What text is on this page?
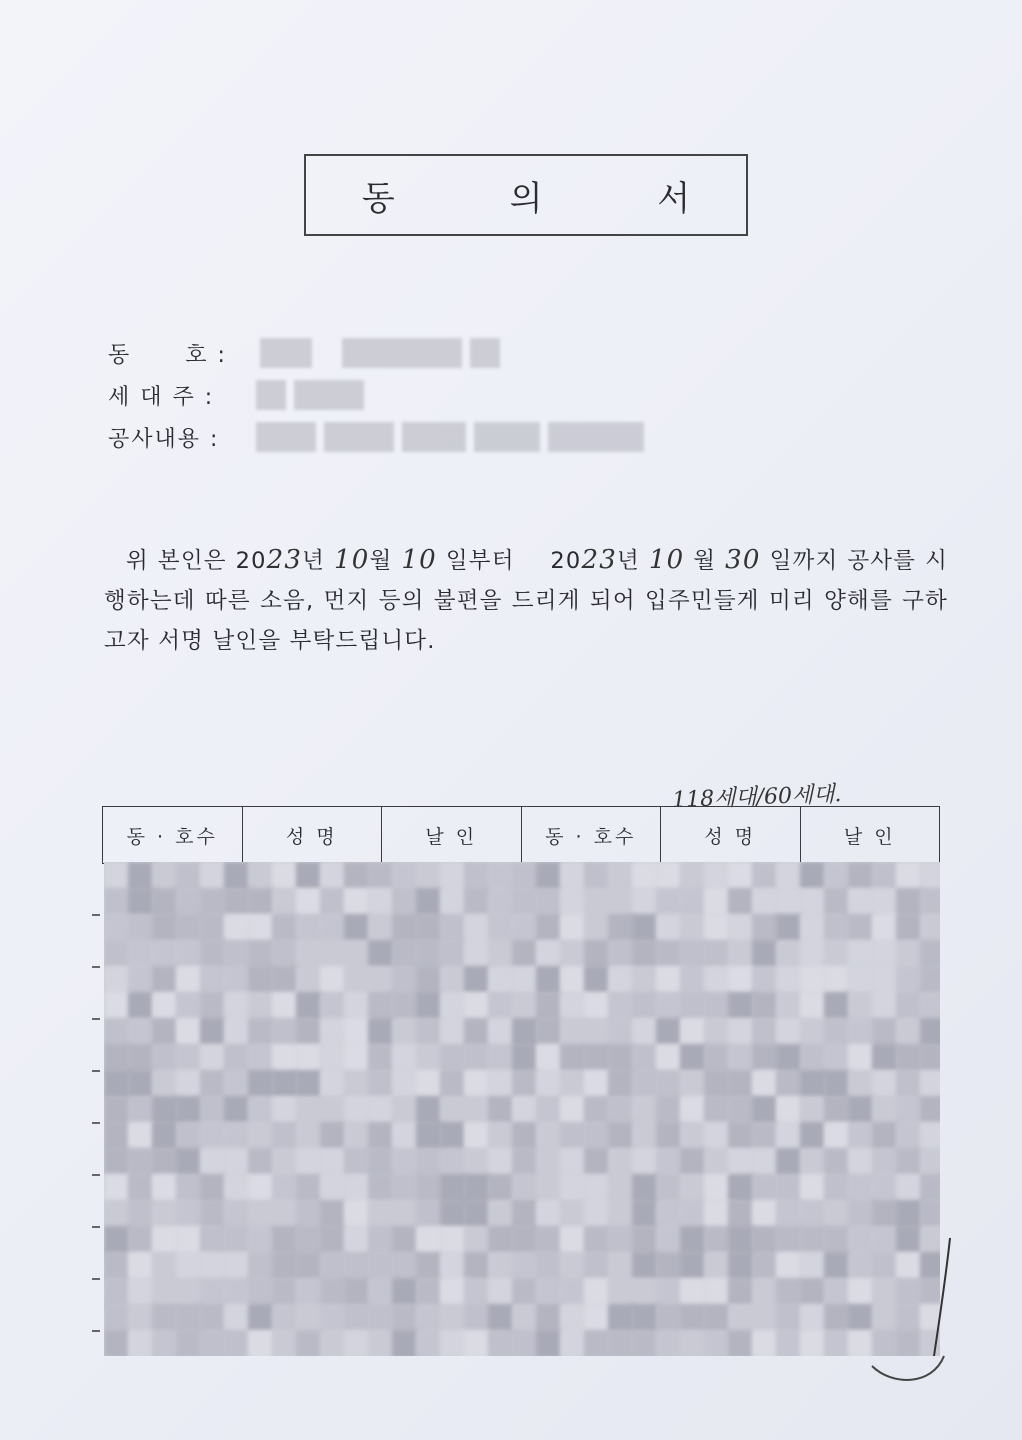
동 의 서
동      호 :
세 대 주 :
공사내용 :
위 본인은 2023년 10월 10 일부터    2023년 10 월 30 일까지 공사를 시행하는데 따른 소음, 먼지 등의 불편을 드리게 되어 입주민들게 미리 양해를 구하고자 서명 날인을 부탁드립니다.
118세대/60세대.
동 · 호수	성 명	날 인	동 · 호수	성 명	날 인
